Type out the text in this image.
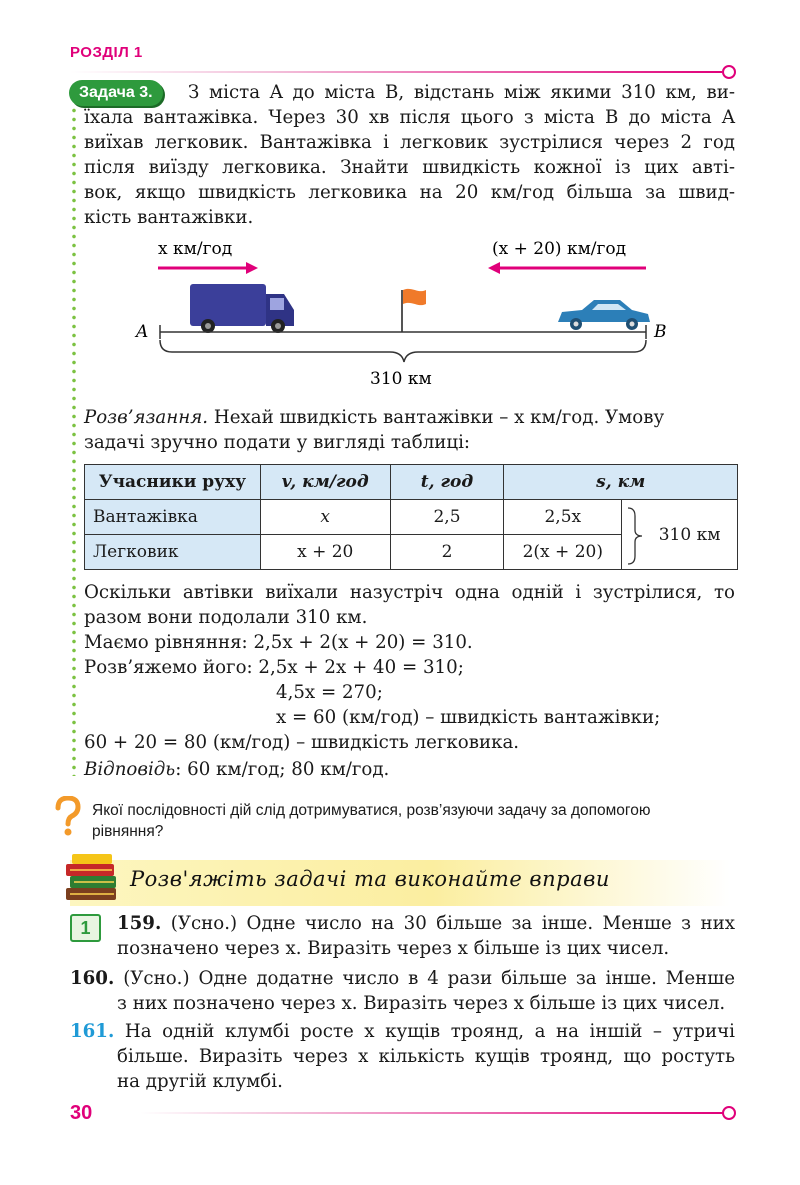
РОЗДІЛ 1
Задача 3.	З міста A до міста B, відстань між якими 310 км, ви-
їхала вантажівка. Через 30 хв після цього з міста B до міста A
виїхав легковик. Вантажівка і легковик зустрілися через 2 год
після виїзду легковика. Знайти швидкість кожної із цих авті-
вок, якщо швидкість легковика на 20 км/год більша за швид-
кість вантажівки.
x км/год	(x + 20) км/год
A	B
310 км
Розв’язання. Нехай швидкість вантажівки – x км/год. Умову
задачі зручно подати у вигляді таблиці:
Учасники руху	v, км/год	t, год	s, км	
Вантажівка	x	2,5	2,5x	310 км
Легковик	x + 20	2	2(x + 20)	
Оскільки автівки виїхали назустріч одна одній і зустрілися, то
разом вони подолали 310 км.
Маємо рівняння: 2,5x + 2(x + 20) = 310.
Розв’яжемо його: 2,5x + 2x + 40 = 310;
4,5x = 270;
x = 60 (км/год) – швидкість вантажівки;
60 + 20 = 80 (км/год) – швидкість легковика.
Відповідь: 60 км/год; 80 км/год.
Якої послідовності дій слід дотримуватися, розв’язуючи задачу за допомогою
рівняння?
Розв'яжіть задачі та виконайте вправи
1	159. (Усно.) Одне число на 30 більше за інше. Менше з них
позначено через x. Виразіть через x більше із цих чисел.
160. (Усно.) Одне додатне число в 4 рази більше за інше. Менше
з них позначено через x. Виразіть через x більше із цих чисел.
161. На одній клумбі росте x кущів троянд, а на іншій – утричі
більше. Виразіть через x кількість кущів троянд, що ростуть
на другій клумбі.
30
